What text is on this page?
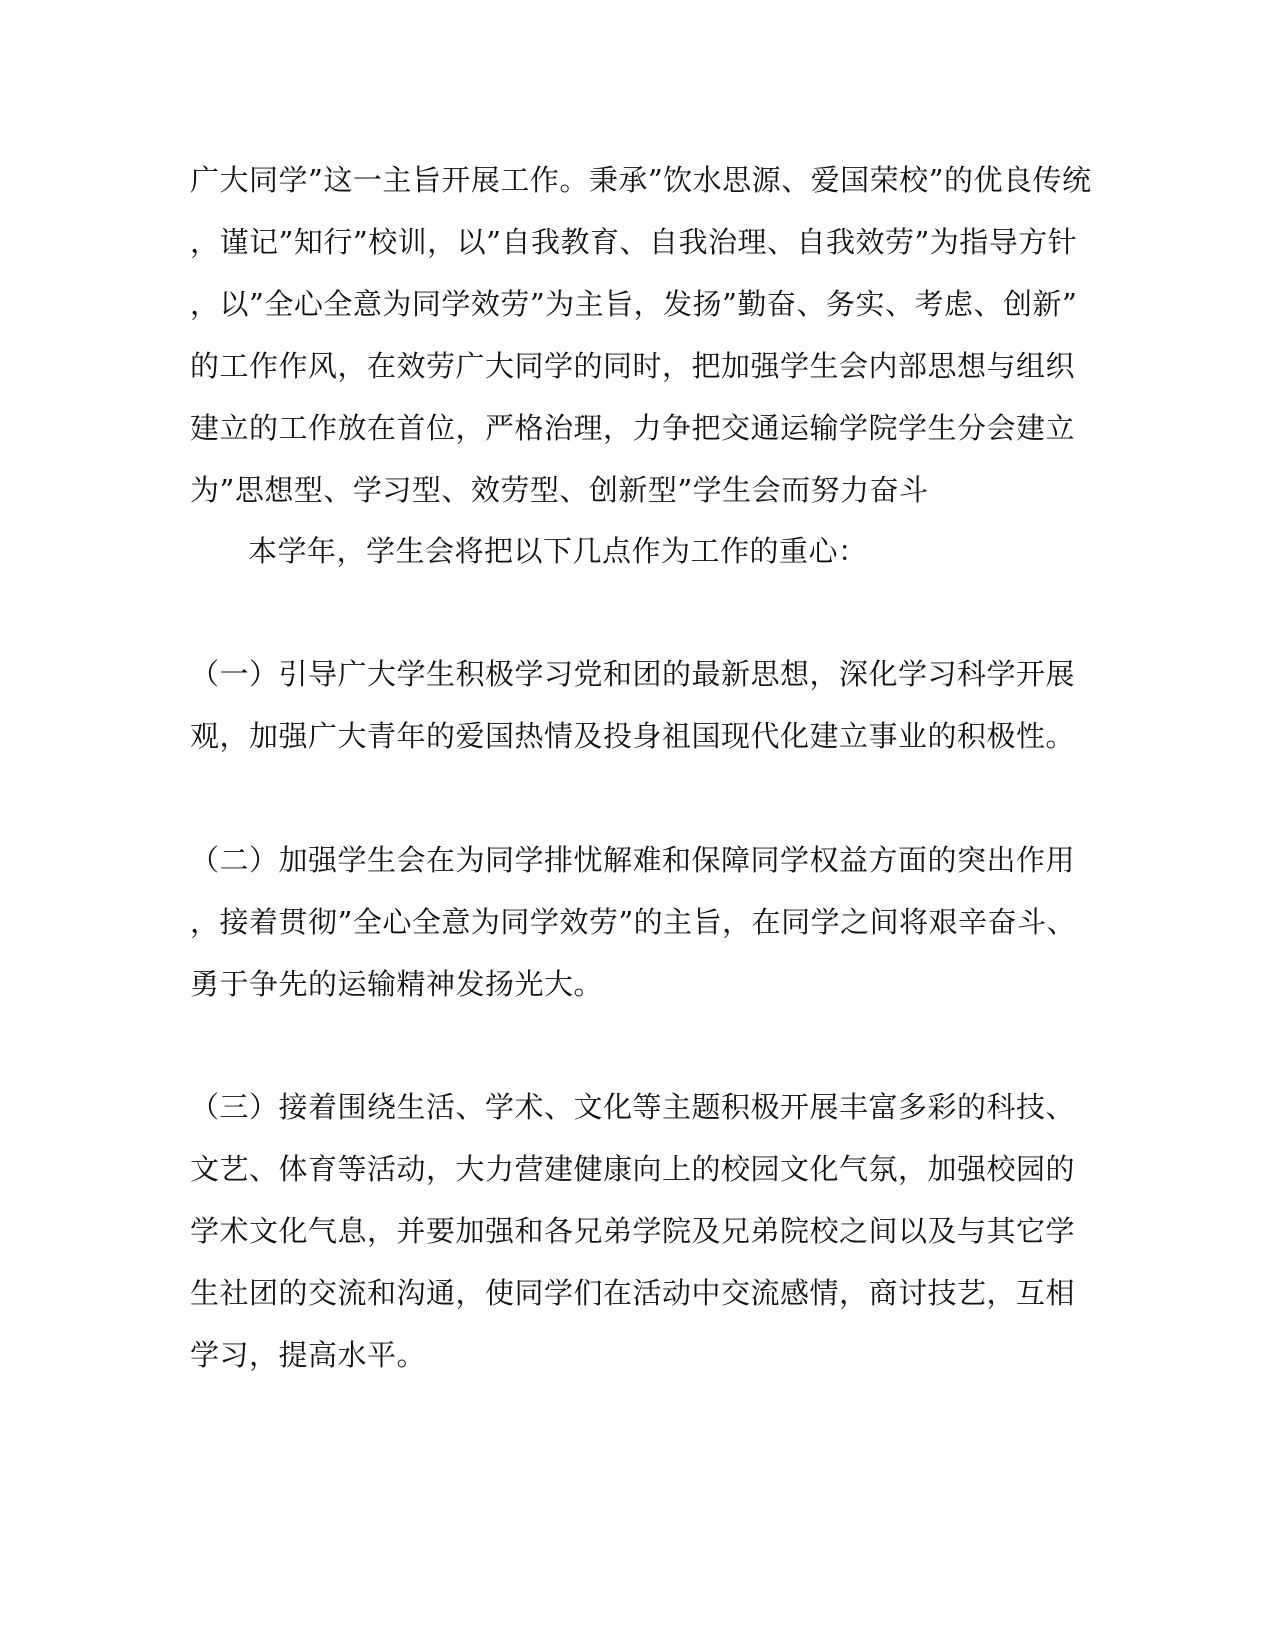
广大同学”这一主旨开展工作。秉承”饮水思源、爱国荣校”的优良传统
，谨记”知行”校训，以”自我教育、自我治理、自我效劳”为指导方针
，以”全心全意为同学效劳”为主旨，发扬”勤奋、务实、考虑、创新”
的工作作风，在效劳广大同学的同时，把加强学生会内部思想与组织
建立的工作放在首位，严格治理，力争把交通运输学院学生分会建立
为”思想型、学习型、效劳型、创新型”学生会而努力奋斗
本学年，学生会将把以下几点作为工作的重心：
（一）引导广大学生积极学习党和团的最新思想，深化学习科学开展
观，加强广大青年的爱国热情及投身祖国现代化建立事业的积极性。
（二）加强学生会在为同学排忧解难和保障同学权益方面的突出作用
，接着贯彻”全心全意为同学效劳”的主旨，在同学之间将艰辛奋斗、
勇于争先的运输精神发扬光大。
（三）接着围绕生活、学术、文化等主题积极开展丰富多彩的科技、
文艺、体育等活动，大力营建健康向上的校园文化气氛，加强校园的
学术文化气息，并要加强和各兄弟学院及兄弟院校之间以及与其它学
生社团的交流和沟通，使同学们在活动中交流感情，商讨技艺，互相
学习，提高水平。
